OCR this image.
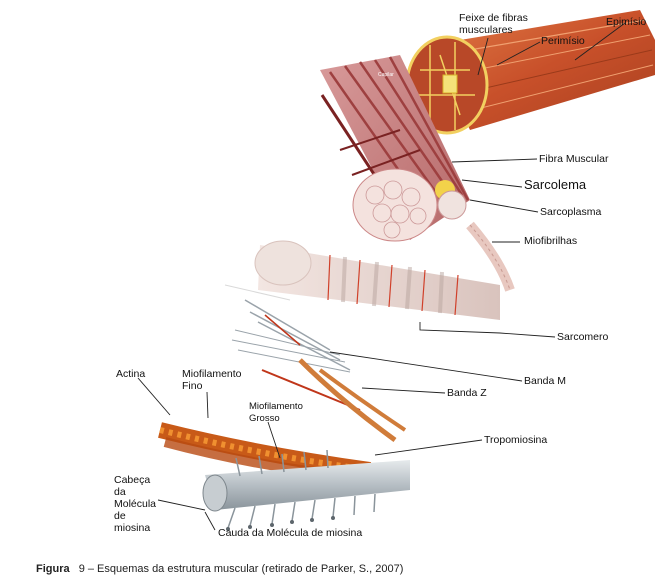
Feixe de fibras
musculares
Epimísio
Perimísio
Capilar
Fibra Muscular
Sarcolema
Sarcoplasma
Miofibrilhas
Sarcomero
Banda M
Banda Z
Tropomiosina
Actina	Miofilamento
Fino
Miofilamento
Grosso
Cabeça
da
Molécula
de
miosina	Cauda da Molécula de miosina
Figura 9 – Esquemas da estrutura muscular (retirado de Parker, S., 2007)
